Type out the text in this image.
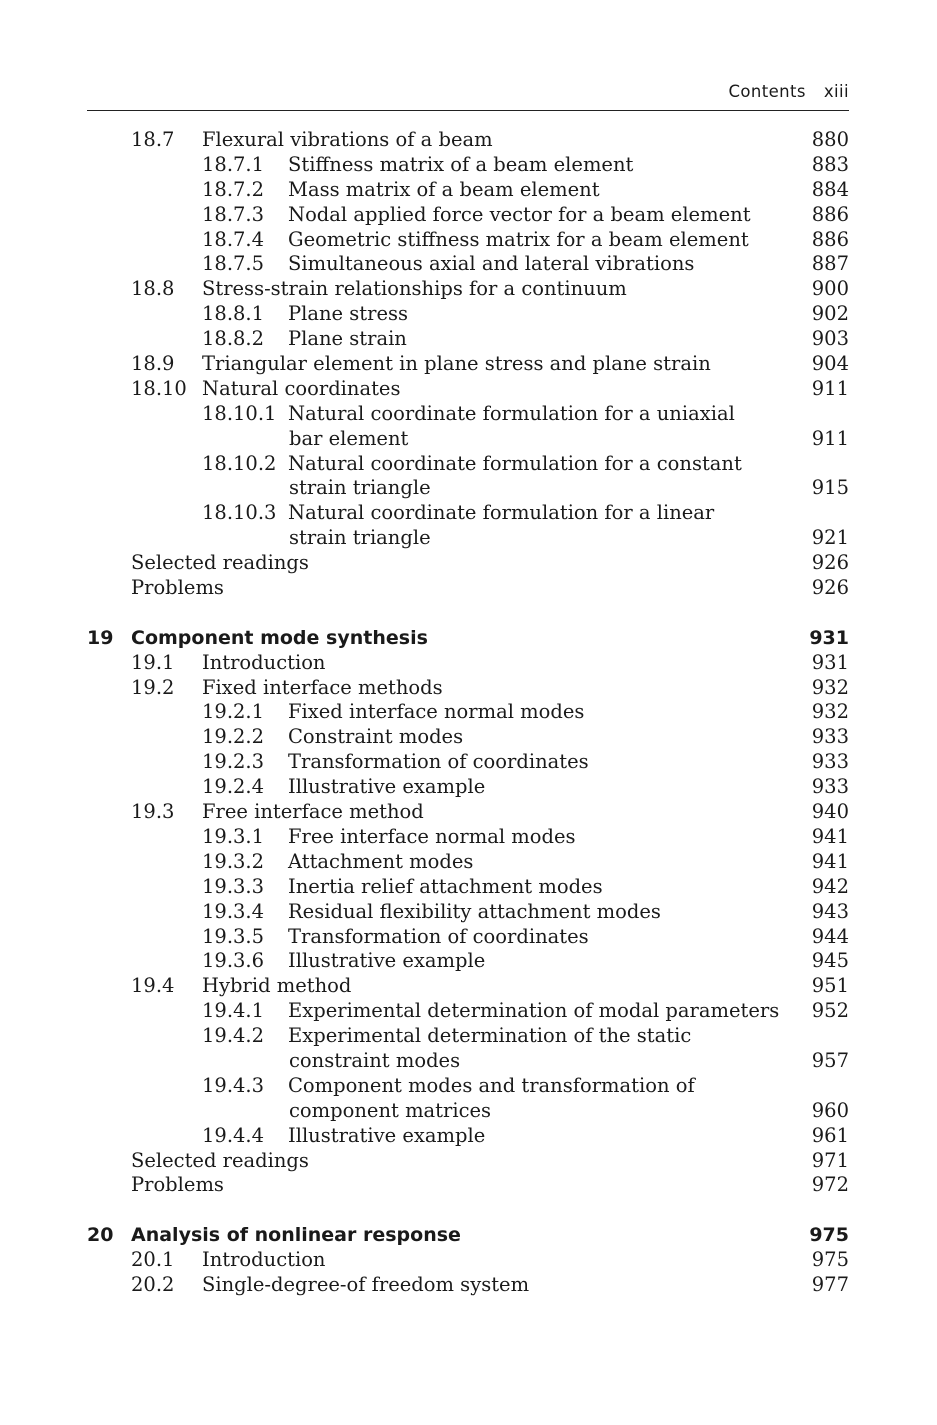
Contents xiii
18.7 Flexural vibrations of a beam	880
18.7.1 Stiffness matrix of a beam element	883
18.7.2 Mass matrix of a beam element	884
18.7.3 Nodal applied force vector for a beam element	886
18.7.4 Geometric stiffness matrix for a beam element	886
18.7.5 Simultaneous axial and lateral vibrations	887
18.8 Stress-strain relationships for a continuum	900
18.8.1 Plane stress	902
18.8.2 Plane strain	903
18.9 Triangular element in plane stress and plane strain	904
18.10 Natural coordinates	911
18.10.1 Natural coordinate formulation for a uniaxial
bar element	911
18.10.2 Natural coordinate formulation for a constant
strain triangle	915
18.10.3 Natural coordinate formulation for a linear
strain triangle	921
Selected readings	926
Problems	926
19 Component mode synthesis	931
19.1 Introduction	931
19.2 Fixed interface methods	932
19.2.1 Fixed interface normal modes	932
19.2.2 Constraint modes	933
19.2.3 Transformation of coordinates	933
19.2.4 Illustrative example	933
19.3 Free interface method	940
19.3.1 Free interface normal modes	941
19.3.2 Attachment modes	941
19.3.3 Inertia relief attachment modes	942
19.3.4 Residual flexibility attachment modes	943
19.3.5 Transformation of coordinates	944
19.3.6 Illustrative example	945
19.4 Hybrid method	951
19.4.1 Experimental determination of modal parameters 952
19.4.2 Experimental determination of the static
constraint modes	957
19.4.3 Component modes and transformation of
component matrices	960
19.4.4 Illustrative example	961
Selected readings	971
Problems	972
20 Analysis of nonlinear response	975
20.1 Introduction	975
20.2 Single-degree-of freedom system	977
